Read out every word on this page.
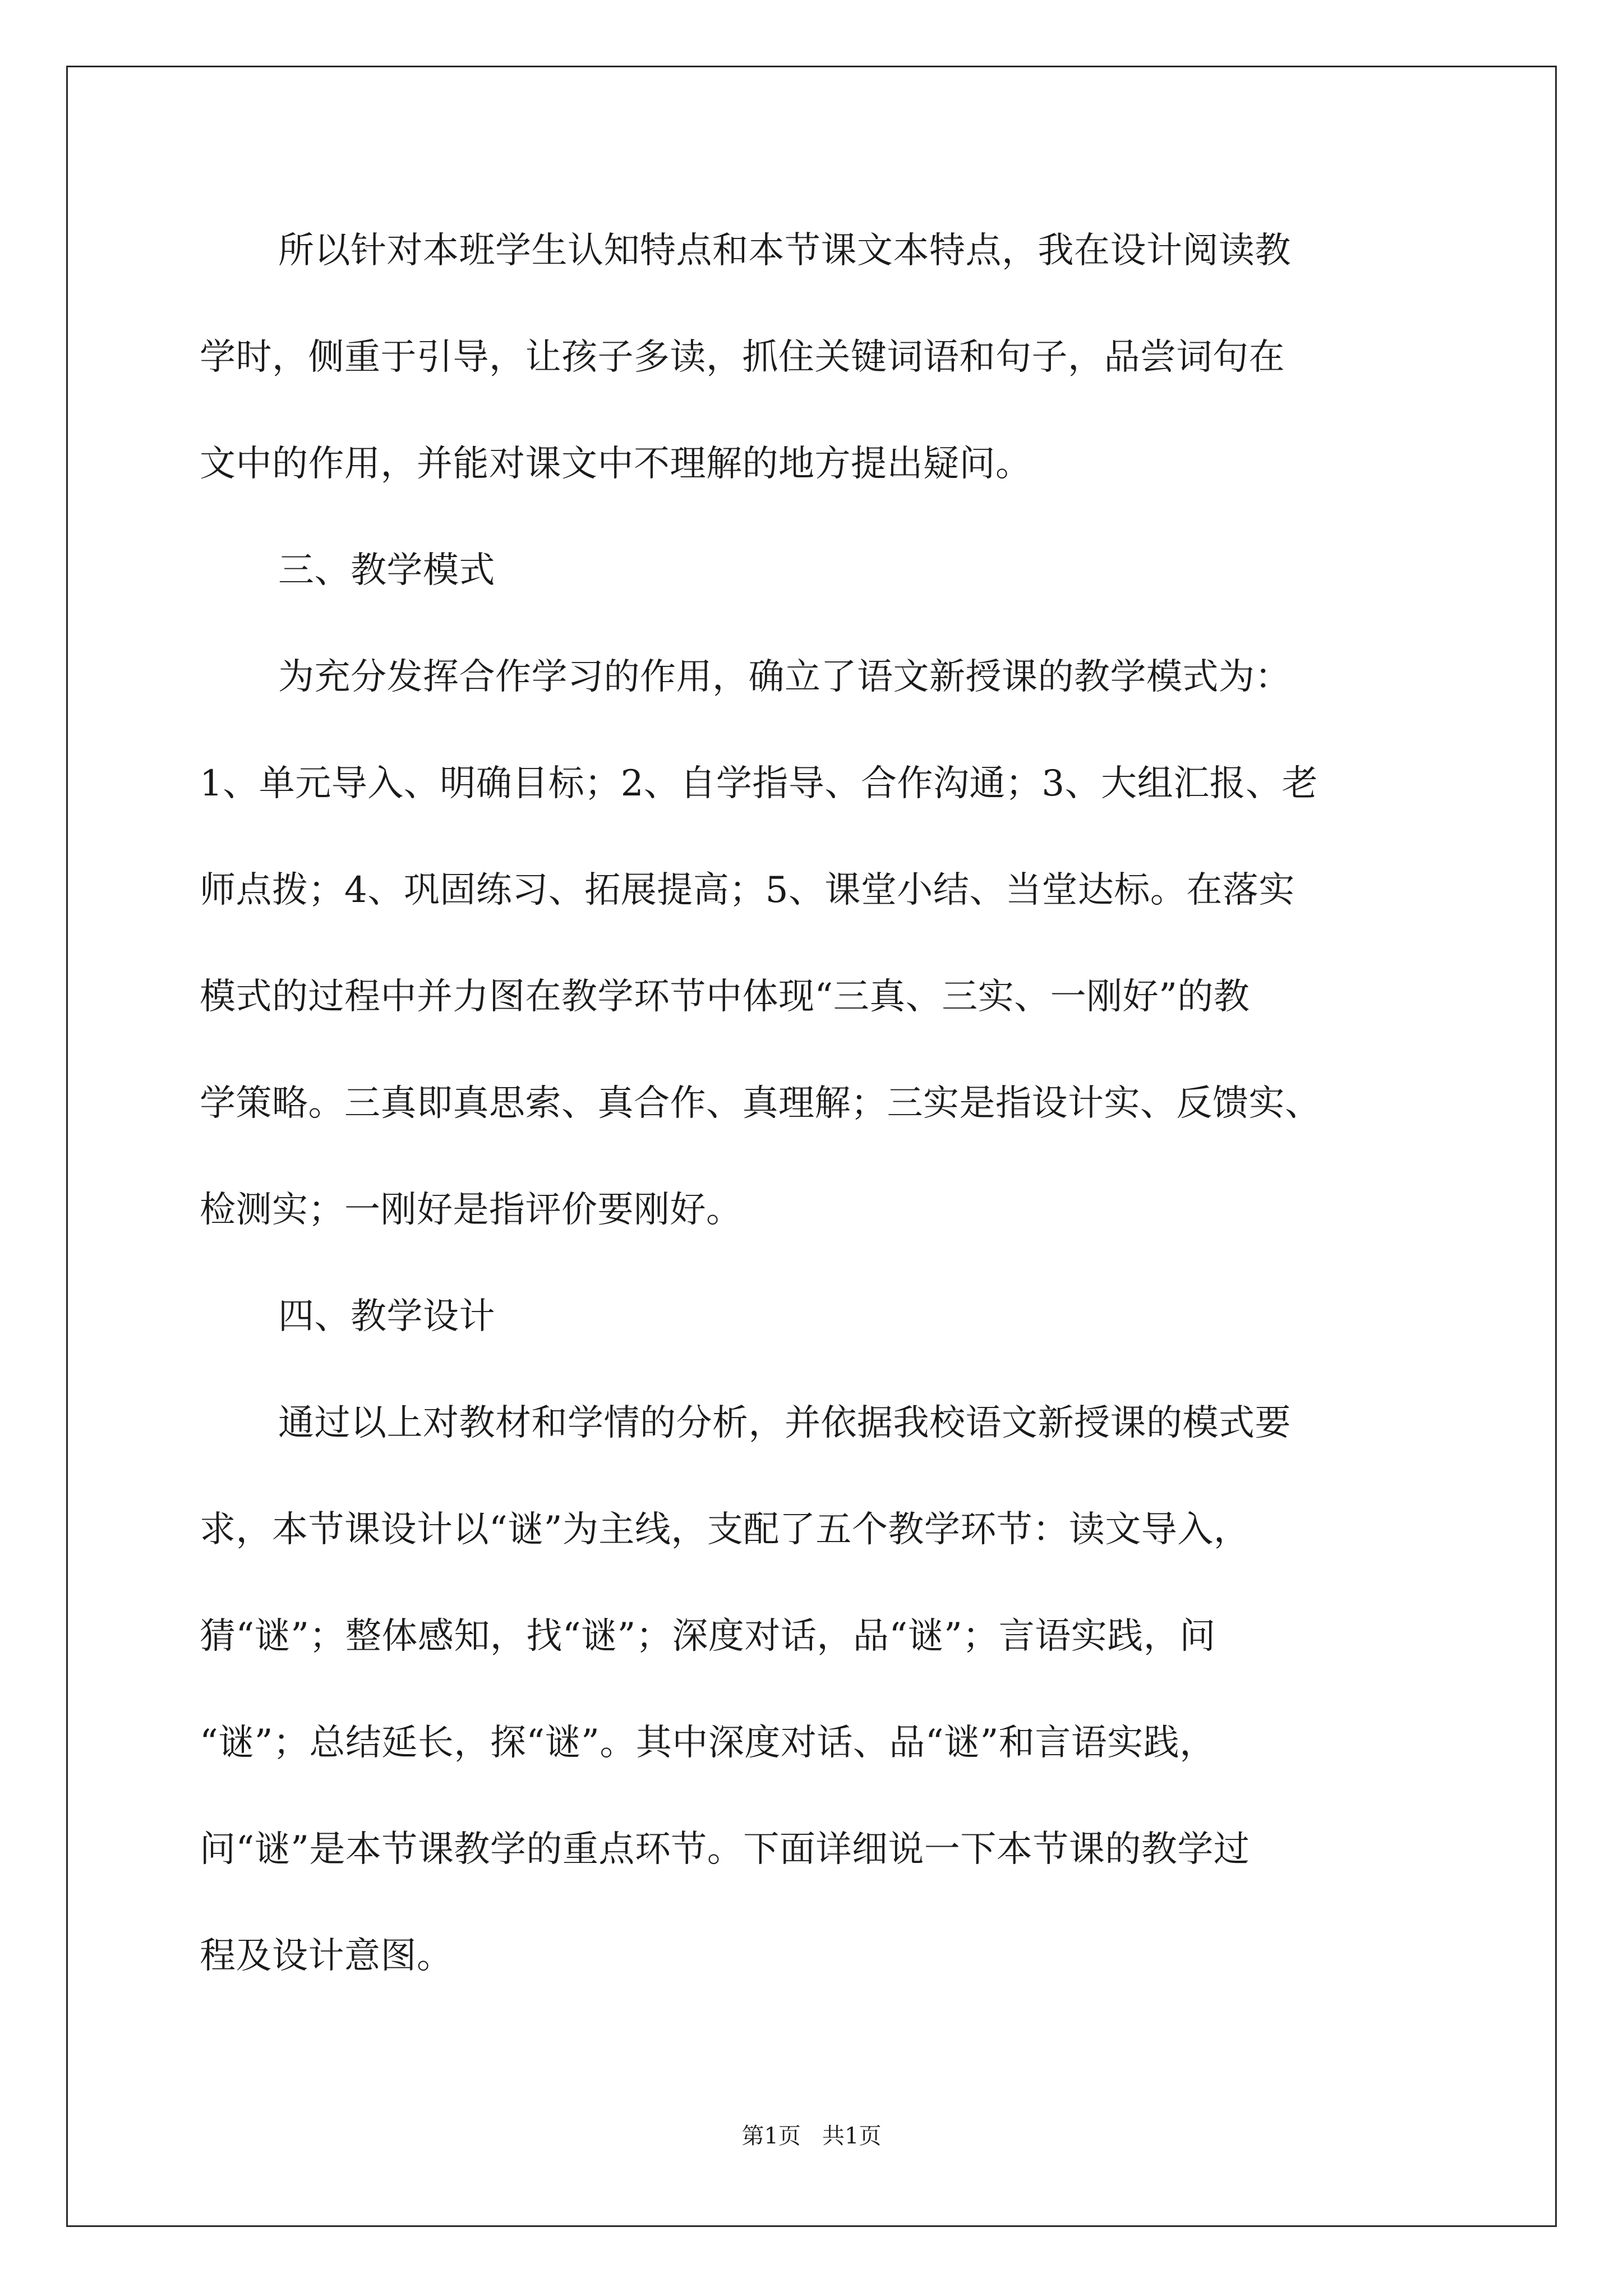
所以针对本班学生认知特点和本节课文本特点，我在设计阅读教
学时，侧重于引导，让孩子多读，抓住关键词语和句子，品尝词句在
文中的作用，并能对课文中不理解的地方提出疑问。
三、教学模式
为充分发挥合作学习的作用，确立了语文新授课的教学模式为：
1、单元导入、明确目标；2、自学指导、合作沟通；3、大组汇报、老
师点拨；4、巩固练习、拓展提高；5、课堂小结、当堂达标。在落实
模式的过程中并力图在教学环节中体现“三真、三实、一刚好”的教
学策略。三真即真思索、真合作、真理解；三实是指设计实、反馈实、
检测实；一刚好是指评价要刚好。
四、教学设计
通过以上对教材和学情的分析，并依据我校语文新授课的模式要
求，本节课设计以“谜”为主线，支配了五个教学环节：读文导入，
猜“谜”；整体感知，找“谜”；深度对话，品“谜”；言语实践，问
“谜”；总结延长，探“谜”。其中深度对话、品“谜”和言语实践，
问“谜”是本节课教学的重点环节。下面详细说一下本节课的教学过
程及设计意图。
第1页   共1页
